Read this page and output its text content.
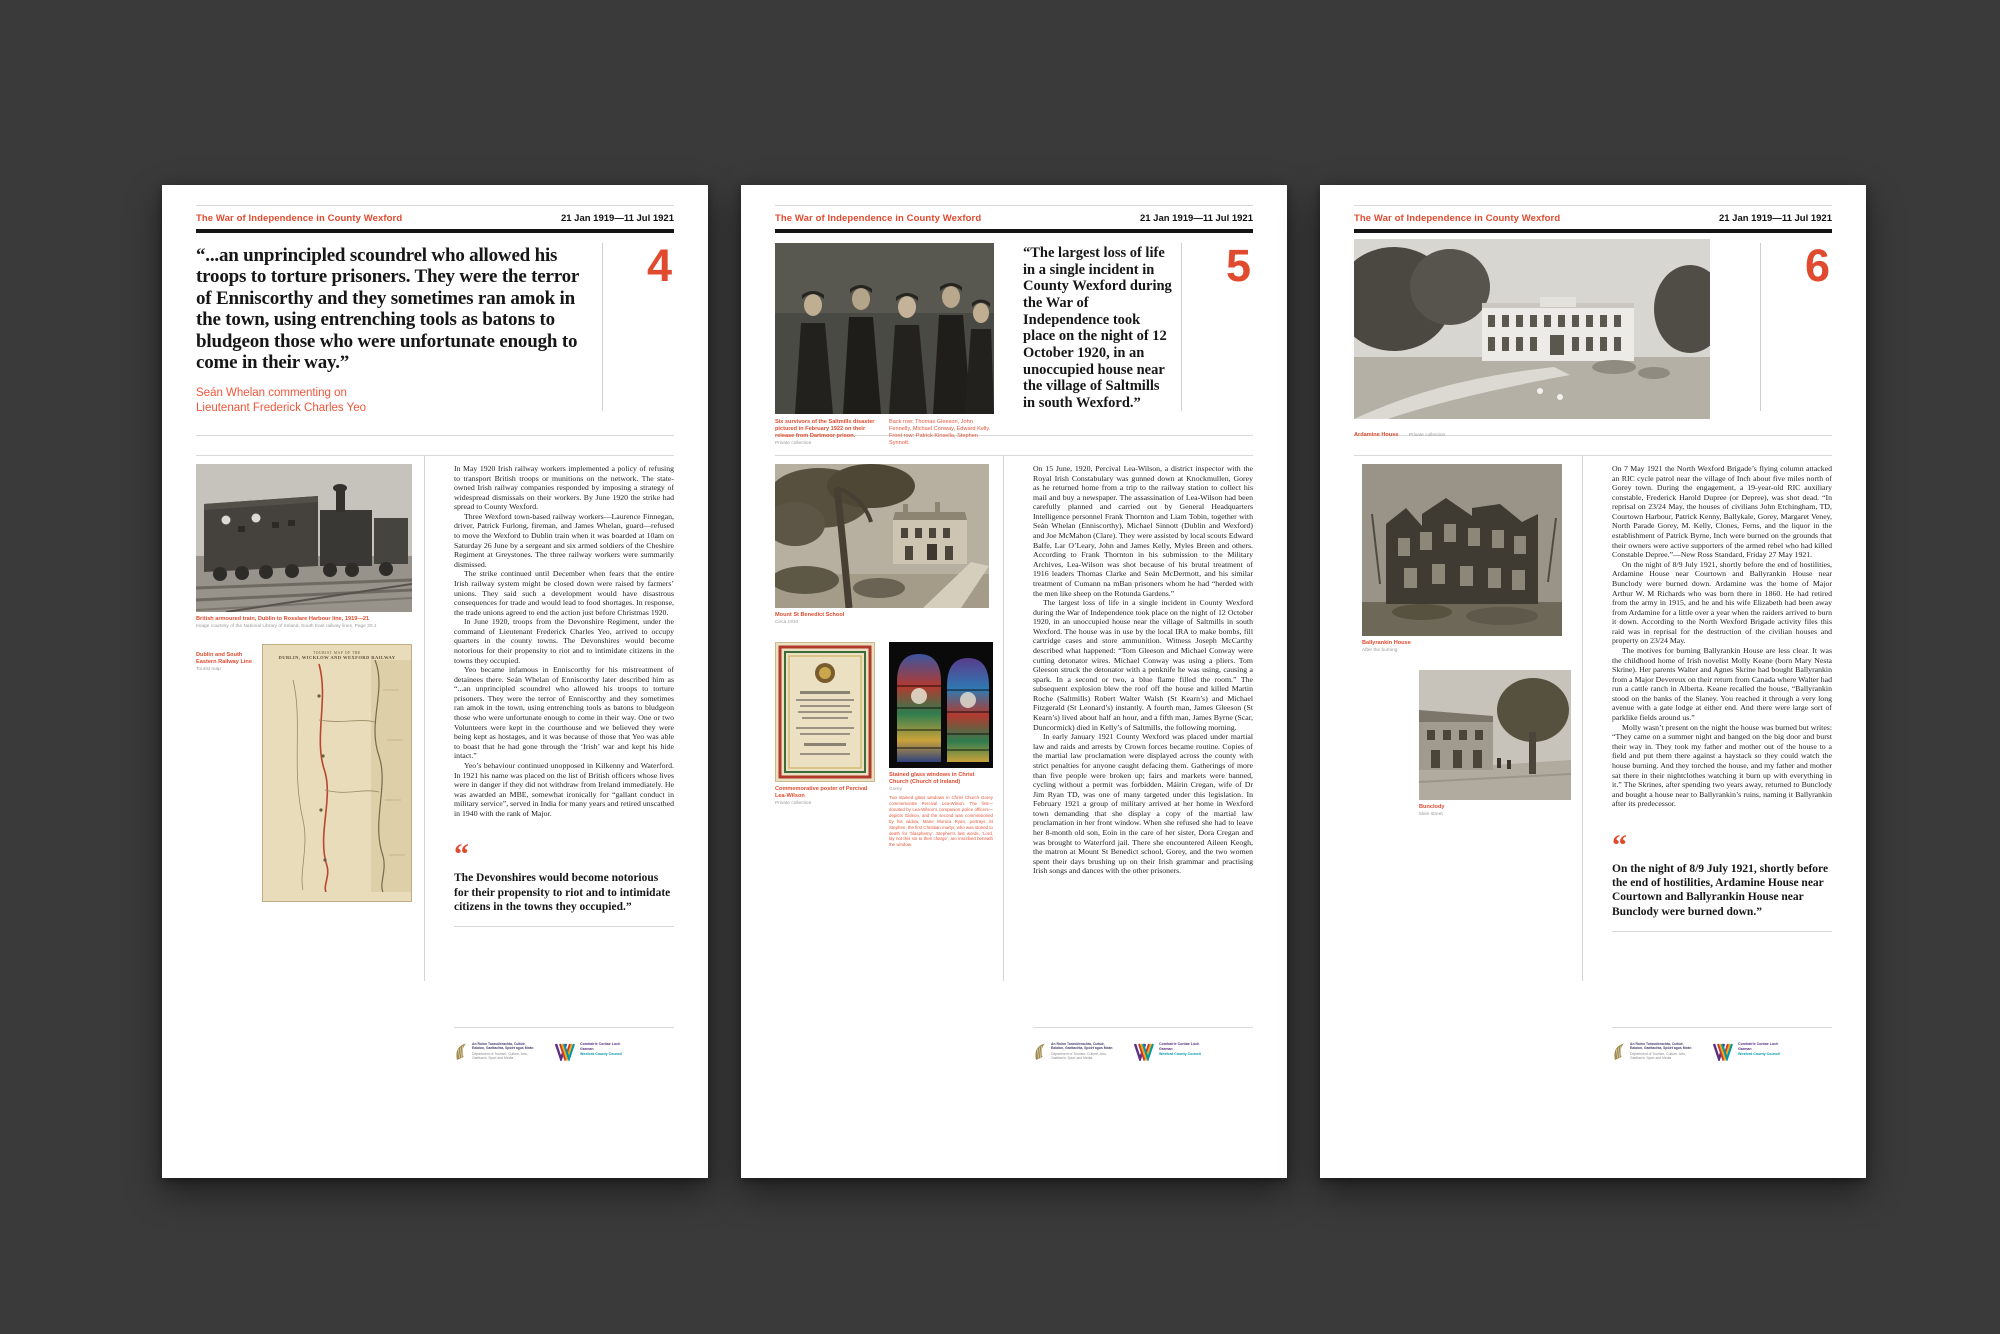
The War of Independence in County Wexford	21 Jan 1919—11 Jul 1921
“...an unprincipled scoundrel who allowed his troops to torture prisoners. They were the terror of Enniscorthy and they sometimes ran amok in the town, using entrenching tools as batons to bludgeon those who were unfortunate enough to come in their way.”
Seán Whelan commenting on
Lieutenant Frederick Charles Yeo
4
British armoured train, Dublin to Rosslare Harbour line, 1919—21
Image courtesy of the National Library of Ireland, South East railway lines, Page 30.1
Dublin and South Eastern Railway Line
Tourist map
TOURIST MAP OF THE
DUBLIN, WICKLOW AND WEXFORD RAILWAY

In May 1920 Irish railway workers implemented a policy of refusing to transport British troops or munitions on the network. The state-owned Irish railway companies responded by imposing a strategy of widespread dismissals on their workers. By June 1920 the strike had spread to County Wexford.

Three Wexford town-based railway workers—Laurence Finnegan, driver, Patrick Furlong, fireman, and James Whelan, guard—refused to move the Wexford to Dublin train when it was boarded at 10am on Saturday 26 June by a sergeant and six armed soldiers of the Cheshire Regiment at Greystones. The three railway workers were summarily dismissed.

The strike continued until December when fears that the entire Irish railway system might be closed down were raised by farmers’ unions. They said such a development would have disastrous consequences for trade and would lead to food shortages. In response, the trade unions agreed to end the action just before Christmas 1920.

In June 1920, troops from the Devonshire Regiment, under the command of Lieutenant Frederick Charles Yeo, arrived to occupy quarters in the county towns. The Devonshires would become notorious for their propensity to riot and to intimidate citizens in the towns they occupied.

Yeo became infamous in Enniscorthy for his mistreatment of detainees there. Seán Whelan of Enniscorthy later described him as “...an unprincipled scoundrel who allowed his troops to torture prisoners. They were the terror of Enniscorthy and they sometimes ran amok in the town, using entrenching tools as batons to bludgeon those who were unfortunate enough to come in their way. One or two Volunteers were kept in the courthouse and we believed they were being kept as hostages, and it was because of those that Yeo was able to boast that he had gone through the ‘Irish’ war and kept his hide intact.”

Yeo’s behaviour continued unopposed in Kilkenny and Waterford. In 1921 his name was placed on the list of British officers whose lives were in danger if they did not withdraw from Ireland immediately. He was awarded an MBE, somewhat ironically for “gallant conduct in military service”, served in India for many years and retired unscathed in 1940 with the rank of Major.

“
The Devonshires would become notorious for their propensity to riot and to intimidate citizens in the towns they occupied.”
An Roinn Turasóireachta, Cultúir, Ealaíon, Gaeltachta, Spóirt agus Meán
Department of Tourism, Culture, Arts, Gaeltacht, Sport and Media
Comhairle Contae Loch Garman
Wexford County Council
The War of Independence in County Wexford	21 Jan 1919—11 Jul 1921
Six survivors of the Saltmills disaster pictured in February 1922 on their release from Dartmoor prison.
Private collection
Back row: Thomas Gleeson, John Fennelly, Michael Conway, Edward Kelly. Front row: Patrick Kinsella, Stephen Synnott.
“The largest loss of life in a single incident in County Wexford during the War of Independence took place on the night of 12 October 1920, in an unoccupied house near the village of Saltmills in south Wexford.”
5
Mount St Benedict School
Circa 1910
Commemorative poster of Percival Lea-Wilson
Private collection
Stained glass windows in Christ Church (Church of Ireland)
Gorey
Two stained glass windows in Christ Church Gorey commemorate Percival Lea-Wilson. The first—donated by Lea-Wilson’s companion police officers—depicts Gideon, and the second was commissioned by his widow, Marie Monica Ryan, portrays St Stephen, the first Christian martyr, who was stoned to death for ‘blasphemy’. Stephen’s last words, ‘Lord, lay not this sin to their charge’, are inscribed beneath the window.

On 15 June, 1920, Percival Lea-Wilson, a district inspector with the Royal Irish Constabulary was gunned down at Knockmullen, Gorey as he returned home from a trip to the railway station to collect his mail and buy a newspaper. The assassination of Lea-Wilson had been carefully planned and carried out by General Headquarters Intelligence personnel Frank Thornton and Liam Tobin, together with Seán Whelan (Enniscorthy), Michael Sinnott (Dublin and Wexford) and Joe McMahon (Clare). They were assisted by local scouts Edward Balfe, Lar O’Leary, John and James Kelly, Myles Breen and others. According to Frank Thornton in his submission to the Military Archives, Lea-Wilson was shot because of his brutal treatment of 1916 leaders Thomas Clarke and Seán McDermott, and his similar treatment of Cumann na mBan prisoners whom he had “herded with the men like sheep on the Rotunda Gardens.”

The largest loss of life in a single incident in County Wexford during the War of Independence took place on the night of 12 October 1920, in an unoccupied house near the village of Saltmills in south Wexford. The house was in use by the local IRA to make bombs, fill cartridge cases and store ammunition. Witness Joseph McCarthy described what happened: “Tom Gleeson and Michael Conway were cutting detonator wires. Michael Conway was using a pliers. Tom Gleeson struck the detonator with a penknife he was using, causing a spark. In a second or two, a blue flame filled the room.” The subsequent explosion blew the roof off the house and killed Martin Roche (Saltmills) Robert Walter Walsh (St Kearn’s) and Michael Fitzgerald (St Leonard’s) instantly. A fourth man, James Gleeson (St Kearn’s) lived about half an hour, and a fifth man, James Byrne (Scar, Duncormick) died in Kelly’s of Saltmills, the following morning.

In early January 1921 County Wexford was placed under martial law and raids and arrests by Crown forces became routine. Copies of the martial law proclamation were displayed across the county with strict penalties for anyone caught defacing them. Gatherings of more than five people were broken up; fairs and markets were banned, cycling without a permit was forbidden. Máirin Cregan, wife of Dr Jim Ryan TD, was one of many targeted under this legislation. In February 1921 a group of military arrived at her home in Wexford town demanding that she display a copy of the martial law proclamation in her front window. When she refused she had to leave her 8-month old son, Eoin in the care of her sister, Dora Cregan and was brought to Waterford jail. There she encountered Aileen Keogh, the matron at Mount St Benedict school, Gorey, and the two women spent their days brushing up on their Irish grammar and practising Irish songs and dances with the other prisoners.

An Roinn Turasóireachta, Cultúir, Ealaíon, Gaeltachta, Spóirt agus Meán
Department of Tourism, Culture, Arts, Gaeltacht, Sport and Media
Comhairle Contae Loch Garman
Wexford County Council
The War of Independence in County Wexford	21 Jan 1919—11 Jul 1921
Ardamine House Private collection
6
Ballyrankin House
After the burning
Bunclody
Main street

On 7 May 1921 the North Wexford Brigade’s flying column attacked an RIC cycle patrol near the village of Inch about five miles north of Gorey town. During the engagement, a 19-year-old RIC auxiliary constable, Frederick Harold Dupree (or Depree), was shot dead. “In reprisal on 23/24 May, the houses of civilians John Etchingham, TD, Courtown Harbour, Patrick Kenny, Ballykale, Gorey, Margaret Veney, North Parade Gorey, M. Kelly, Clones, Ferns, and the liquor in the establishment of Patrick Byrne, Inch were burned on the grounds that their owners were active supporters of the armed rebel who had killed Constable Depree.”—New Ross Standard, Friday 27 May 1921.

On the night of 8/9 July 1921, shortly before the end of hostilities, Ardamine House near Courtown and Ballyrankin House near Bunclody were burned down. Ardamine was the home of Major Arthur W. M Richards who was born there in 1860. He had retired from the army in 1915, and he and his wife Elizabeth had been away from Ardamine for a little over a year when the raiders arrived to burn it down. According to the North Wexford Brigade activity files this raid was in reprisal for the destruction of the civilian houses and property on 23/24 May.

The motives for burning Ballyrankin House are less clear. It was the childhood home of Irish novelist Molly Keane (born Mary Nesta Skrine). Her parents Walter and Agnes Skrine had bought Ballyrankin from a Major Devereux on their return from Canada where Walter had run a cattle ranch in Alberta. Keane recalled the house, “Ballyrankin stood on the banks of the Slaney. You reached it through a very long avenue with a gate lodge at either end. And there were large sort of parklike fields around us.”

Molly wasn’t present on the night the house was burned but writes: “They came on a summer night and banged on the big door and burst their way in. They took my father and mother out of the house to a field and put them there against a haystack so they could watch the house burning. And they torched the house, and my father and mother sat there in their nightclothes watching it burn up with everything in it.” The Skrines, after spending two years away, returned to Bunclody and bought a house near to Ballyrankin’s ruins, naming it Ballyrankin after its predecessor.

“
On the night of 8/9 July 1921, shortly before the end of hostilities, Ardamine House near Courtown and Ballyrankin House near Bunclody were burned down.”
An Roinn Turasóireachta, Cultúir, Ealaíon, Gaeltachta, Spóirt agus Meán
Department of Tourism, Culture, Arts, Gaeltacht, Sport and Media
Comhairle Contae Loch Garman
Wexford County Council
